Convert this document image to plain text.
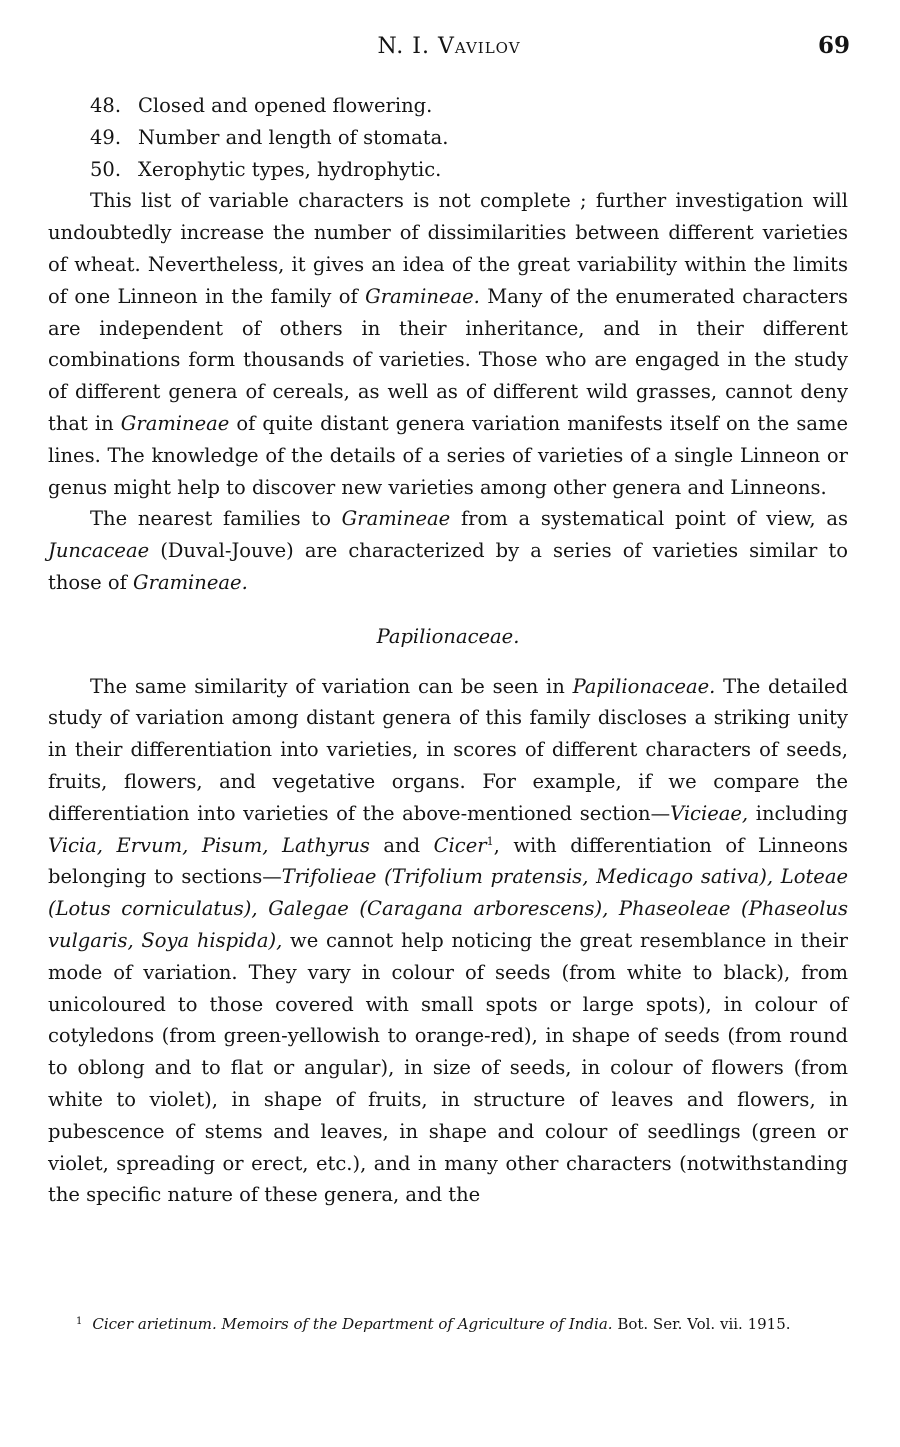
N. I. Vavilov	69
48. Closed and opened flowering.
49. Number and length of stomata.
50. Xerophytic types, hydrophytic.

This list of variable characters is not complete ; further investigation will undoubtedly increase the number of dissimilarities between different varieties of wheat. Nevertheless, it gives an idea of the great variability within the limits of one Linneon in the family of Gramineae. Many of the enumerated characters are independent of others in their inheritance, and in their different combinations form thousands of varieties. Those who are engaged in the study of different genera of cereals, as well as of different wild grasses, cannot deny that in Gramineae of quite distant genera variation manifests itself on the same lines. The knowledge of the details of a series of varieties of a single Linneon or genus might help to discover new varieties among other genera and Linneons.

The nearest families to Gramineae from a systematical point of view, as Juncaceae (Duval-Jouve) are characterized by a series of varieties similar to those of Gramineae.

Papilionaceae.

The same similarity of variation can be seen in Papilionaceae. The detailed study of variation among distant genera of this family discloses a striking unity in their differentiation into varieties, in scores of different characters of seeds, fruits, flowers, and vegetative organs. For example, if we compare the differentiation into varieties of the above-mentioned section—Vicieae, including Vicia, Ervum, Pisum, Lathyrus and Cicer$^1$, with differentiation of Linneons belonging to sections—Trifolieae (Trifolium pratensis, Medicago sativa), Loteae (Lotus corniculatus), Galegae (Caragana arborescens), Phaseoleae (Phaseolus vulgaris, Soya hispida), we cannot help noticing the great resemblance in their mode of variation. They vary in colour of seeds (from white to black), from unicoloured to those covered with small spots or large spots), in colour of cotyledons (from green-yellowish to orange-red), in shape of seeds (from round to oblong and to flat or angular), in size of seeds, in colour of flowers (from white to violet), in shape of fruits, in structure of leaves and flowers, in pubescence of stems and leaves, in shape and colour of seedlings (green or violet, spreading or erect, etc.), and in many other characters (notwithstanding the specific nature of these genera, and the

$^1$ Cicer arietinum. Memoirs of the Department of Agriculture of India. Bot. Ser. Vol. vii. 1915.
